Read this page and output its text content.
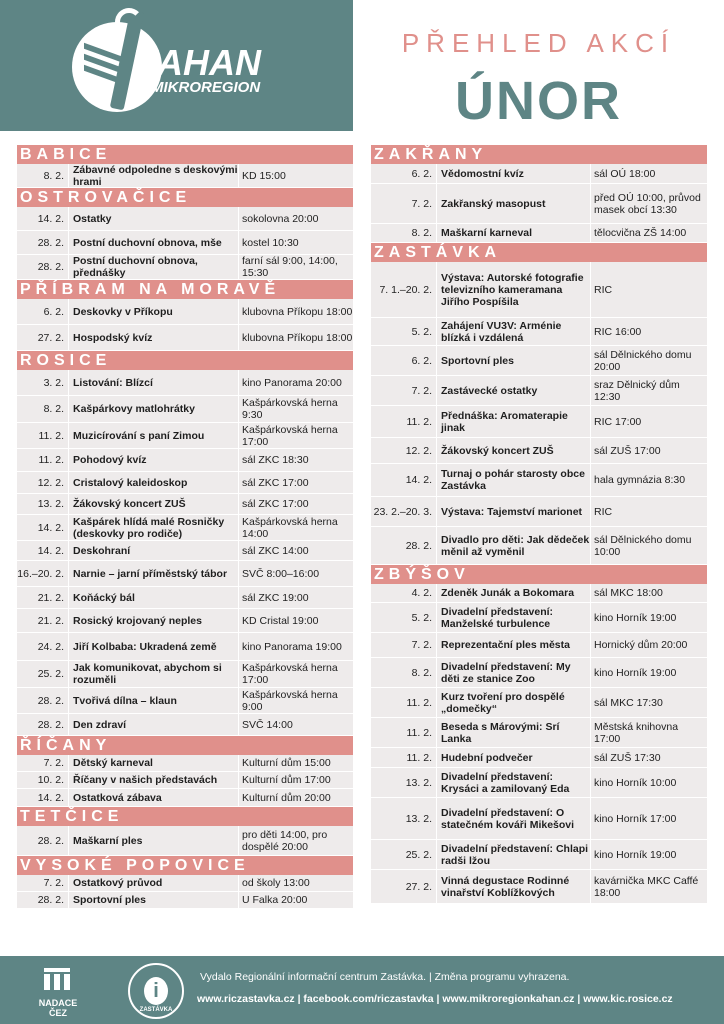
KAHAN
MIKROREGION
PŘEHLED AKCÍ
ÚNOR
BABICE
8. 2. Zábavné odpoledne s deskovými hrami	KD 15:00
OSTROVAČICE
14. 2. Ostatky	sokolovna 20:00
28. 2. Postní duchovní obnova, mše	kostel 10:30
28. 2. Postní duchovní obnova, přednášky
farní sál 9:00, 14:00, 15:30
PŘÍBRAM NA MORAVĚ
6. 2. Deskovky v Příkopu	klubovna Příkopu 18:00
27. 2. Hospodský kvíz	klubovna Příkopu 18:00
ROSICE
3. 2. Listování: Blízcí	kino Panorama 20:00
8. 2. Kašpárkovy matlohrátky	Kašpárkovská herna 9:30
11. 2. Muzicírování s paní Zimou	Kašpárkovská herna 17:00
11. 2. Pohodový kvíz	sál ZKC 18:30
12. 2. Cristalový kaleidoskop	sál ZKC 17:00
13. 2. Žákovský koncert ZUŠ	sál ZKC 17:00
14. 2. Kašpárek hlídá malé Rosničky (deskovky pro rodiče)
Kašpárkovská herna 14:00
14. 2. Deskohraní	sál ZKC 14:00
16.–20. 2. Narnie – jarní příměstský tábor	SVČ 8:00–16:00
21. 2. Koňácký bál	sál ZKC 19:00
21. 2. Rosický krojovaný neples	KD Cristal 19:00
24. 2. Jiří Kolbaba: Ukradená země	kino Panorama 19:00
25. 2. Jak komunikovat, abychom si rozuměli
Kašpárkovská herna 17:00
28. 2. Tvořivá dílna – klaun	Kašpárkovská herna 9:00
28. 2. Den zdraví	SVČ 14:00
ŘÍČANY
7. 2. Dětský karneval	Kulturní dům 15:00
10. 2. Říčany v našich představách	Kulturní dům 17:00
14. 2. Ostatková zábava	Kulturní dům 20:00
TETČICE
28. 2. Maškarní ples	pro děti 14:00, pro dospělé 20:00
VYSOKÉ POPOVICE
7. 2. Ostatkový průvod	od školy 13:00
28. 2. Sportovní ples	U Falka 20:00
ZAKŘANY
6. 2. Vědomostní kvíz	sál OÚ 18:00
7. 2. Zakřanský masopust	před OÚ 10:00, průvod masek obcí 13:30
8. 2. Maškarní karneval	tělocvična ZŠ 14:00
ZASTÁVKA
7. 1.–20. 2.
Výstava: Autorské fotografie televizního kameramana Jiřího Pospíšila
RIC
5. 2. Zahájení VU3V: Arménie blízká i vzdálená	RIC 16:00
6. 2. Sportovní ples	sál Dělnického domu 20:00
7. 2. Zastávecké ostatky	sraz Dělnický dům 12:30
11. 2. Přednáška: Aromaterapie jinak	RIC 17:00
12. 2. Žákovský koncert ZUŠ	sál ZUŠ 17:00
14. 2. Turnaj o pohár starosty obce Zastávka	hala gymnázia 8:30
23. 2.–20. 3. Výstava: Tajemství marionet	RIC
28. 2. Divadlo pro děti: Jak dědeček měnil až vyměnil
sál Dělnického domu 10:00
ZBÝŠOV
4. 2. Zdeněk Junák a Bokomara	sál MKC 18:00
5. 2. Divadelní představení: Manželské turbulence	kino Horník 19:00
7. 2. Reprezentační ples města	Hornický dům 20:00
8. 2. Divadelní představení: My děti ze stanice Zoo	kino Horník 19:00
11. 2. Kurz tvoření pro dospělé „domečky“	sál MKC 17:30
11. 2. Beseda s Márovými: Srí Lanka
Městská knihovna 17:00
11. 2. Hudební podvečer	sál ZUŠ 17:30
13. 2. Divadelní představení: Krysáci a zamilovaný Eda	kino Horník 10:00
13. 2. Divadelní představení: O statečném kováři Mikešovi	kino Horník 17:00
25. 2. Divadelní představení: Chlapi radši lžou	kino Horník 19:00
27. 2. Vinná degustace Rodinné vinařství Koblížkových
kavárnička MKC Caffé 18:00
NADACE ČEZ
i
ZASTÁVKA
Vydalo Regionální informační centrum Zastávka. | Změna programu vyhrazena.
www.riczastavka.cz | facebook.com/riczastavka | www.mikroregionkahan.cz | www.kic.rosice.cz
